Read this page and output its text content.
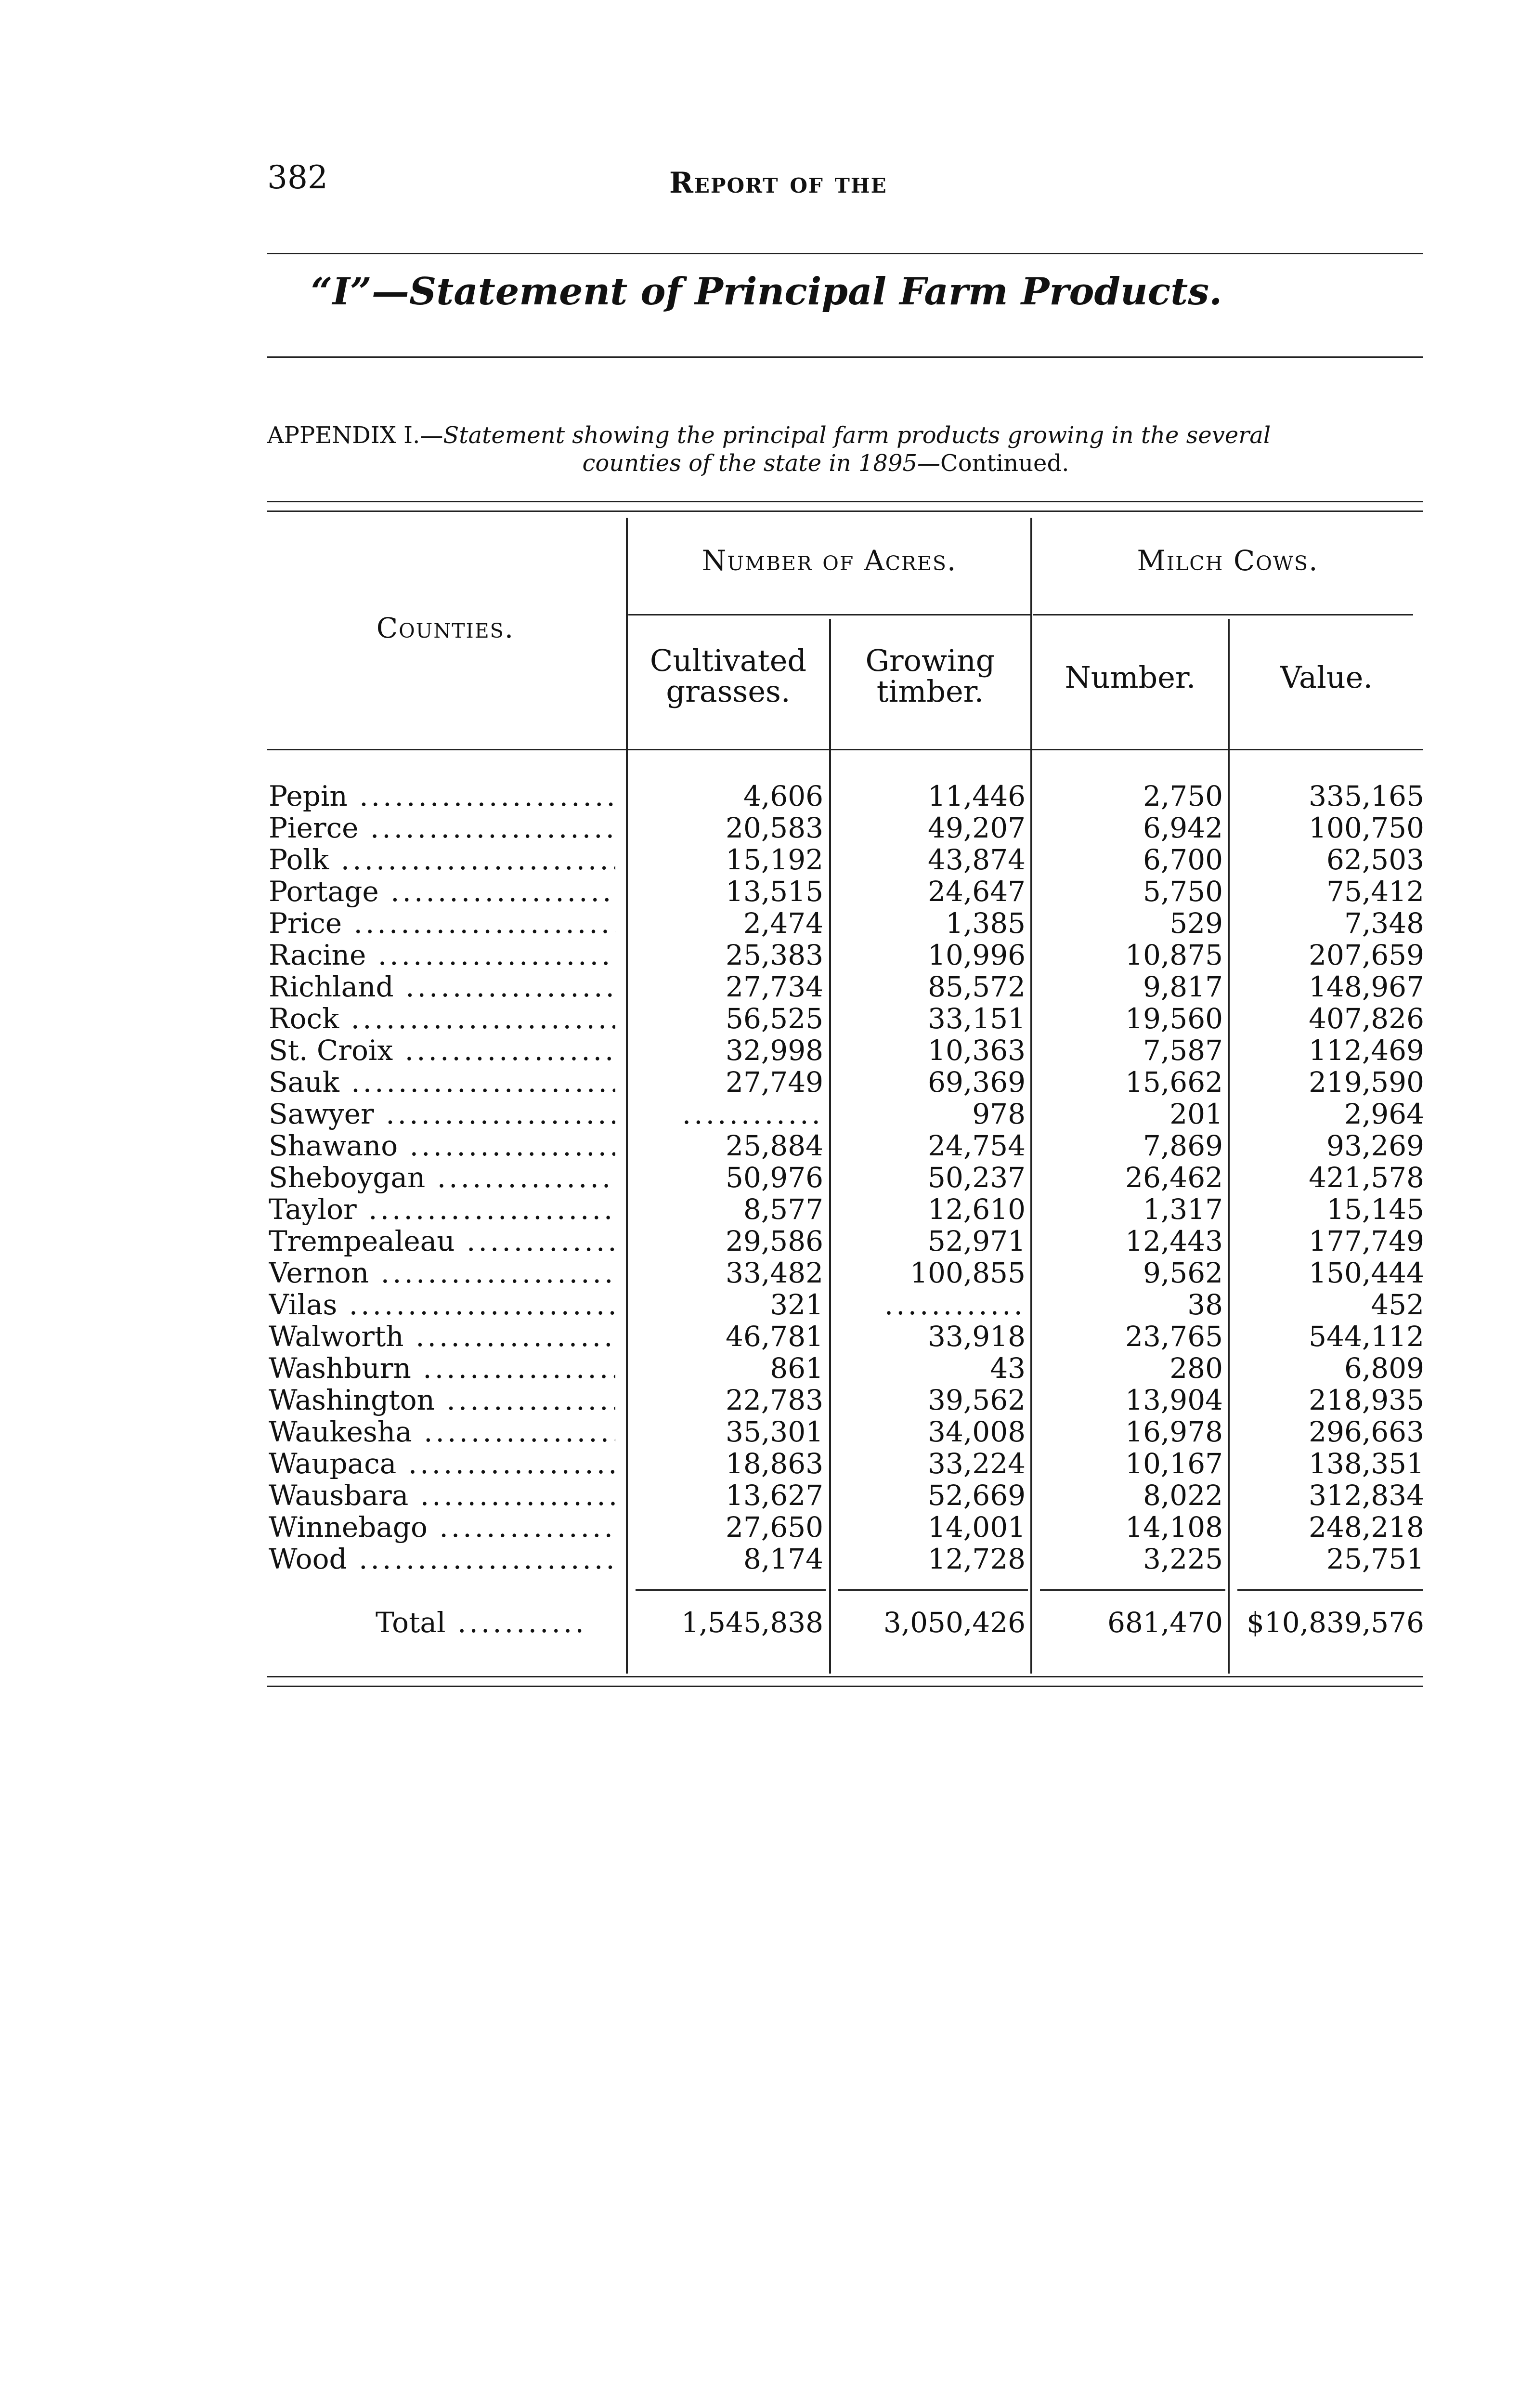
382	Report of the
“I”—Statement of Principal Farm Products.
APPENDIX I.—Statement showing the principal farm products growing in the several
counties of the state in 1895—Continued.
Counties.
Number of Acres.	Milch Cows.
Cultivated
grasses.
Growing
timber.	Number.	Value.
Pepin .....	4,606	11,446	2,750	335,165
Pierce .....	20,583	49,207	6,942	100,750
Polk .....	15,192	43,874	6,700	62,503
Portage .....	13,515	24,647	5,750	75,412
Price .....	2,474	1,385	529	7,348
Racine .....	25,383	10,996	10,875	207,659
Richland .....	27,734	85,572	9,817	148,967
Rock .....	56,525	33,151	19,560	407,826
St. Croix .....	32,998	10,363	7,587	112,469
Sauk .....	27,749	69,369	15,662	219,590
Sawyer .....	............	978	201	2,964
Shawano .....	25,884	24,754	7,869	93,269
Sheboygan .....	50,976	50,237	26,462	421,578
Taylor .....	8,577	12,610	1,317	15,145
Trempealeau .....	29,586	52,971	12,443	177,749
Vernon .....	33,482	100,855	9,562	150,444
Vilas .....	321	............	38	452
Walworth .....	46,781	33,918	23,765	544,112
Washburn .....	861	43	280	6,809
Washington .....	22,783	39,562	13,904	218,935
Waukesha .....	35,301	34,008	16,978	296,663
Waupaca .....	18,863	33,224	10,167	138,351
Wausbara .....	13,627	52,669	8,022	312,834
Winnebago .....	27,650	14,001	14,108	248,218
Wood .....	8,174	12,728	3,225	25,751
Total .....	1,545,838	3,050,426	681,470 $10,839,576
